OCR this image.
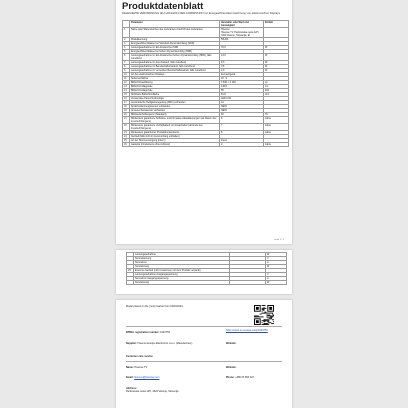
Produktdatenblatt
DELEGIERTE VERORDNUNG (EU) 2019/2013 DER KOMMISSION zur Energieeffizienzkennzeichnung von elektronischen Displays
	Parameter	Hersteller oder Wert und Genauigkeit	Einheit
1.	Name oder Warenzeichen des Lieferanten Anschrift des Lieferanten	Hisense
Hisense TV, Partizanska cesta 12H, 3320 Velenje, Slowenija, EI	
2.	Modellkennung	55U6K	
3.	Energieeffizienzklasse bei Standard-Dynamikumfang (SDR)		
4.	Leistungsaufnahme im Ein-Zustand bei SDR	70,0	W
5.	Energieeffizienzklasse bei hohem Dynamikumfang (HDR)		
6.	Leistungsaufnahme im Ein-Zustand bei hohem Dynamikumfang (HDR), falls zutreffend	13,0	W
7.	Leistungsaufnahme im Aus-Zustand, falls zutreffend	0,3	W
8.	Leistungsaufnahme im Bereitschaftszustand, falls zutreffend	0,5	W
9.	Leistungsaufnahme im vernetzten Bereitschaftsbetrieb, falls zutreffend	2,0	W
10.	Art des elektronischen Displays	Fernsehgerät	
11.	Seitenverhältnis	16 : 9	
12.	Bildschirmauflösung	3 840 × 2 160	px
13.	Bildschirmdiagonale	138,8	cm
14.	Bildschirmdiagonale	55	Zoll
15.	Sichtbare Bildschirmfläche	81,8	dm²
16.	Verwendete Panel-Technologie	LED LCD	
17.	Automatische Helligkeitsregelung (ABC) vorhanden	JA	
18.	Spracherkennungssensor vorhanden	NEIN	
19.	Anwesenheitssensor vorhanden	NEIN	
20.	Bildwiederholfrequenz (Standard)	60	Hz
21.	Mindestens garantierte Software- und Firmware-Aktualisierungen (ab Datum des Inverkehrbringens)	8	Jahre
22.	Mindestens garantierte Verfügbarkeit von Ersatzteilen (ab Ende des Inverkehrbringens)	7	Jahre
23.	Mindestens garantierter Produktkundendienst	8	Jahre
24.	Netzteil (falls nicht im Lieferumfang enthalten)		
25.	Art der Stromversorgung (intern)	Intern	
26.	Garantie (mindestens ohne Aufpreis)	2	Jahre
Seite 1 / 1
	Leistungsaufnahme		W
	Nennspannung		V
	Nennstrom		A
	Nennleistung		W
25.	Externes Netzteil (nicht zusammen mit dem Produkt verpackt)		
	Leistungsaufnahme Ausgangsspannung		V
	Nennstrom Ausgangsspannung		A
	Nennleistung		W
Model placed on the (now) market from 04/03/2024.
EPREL registration number: 1943753
https://eprel.ec.europa.eu/qr/1943753
Supplier: Hisense Europe Electronics d.o.o. (Manufacturer)	Website:
Customer care service
Name: Hisense TV	Website:
Email: hisense@hisense.com	Phone: +386 03 893 327
Address:
Partizanska cesta 12H, 3320 Velenje, Slovenija
